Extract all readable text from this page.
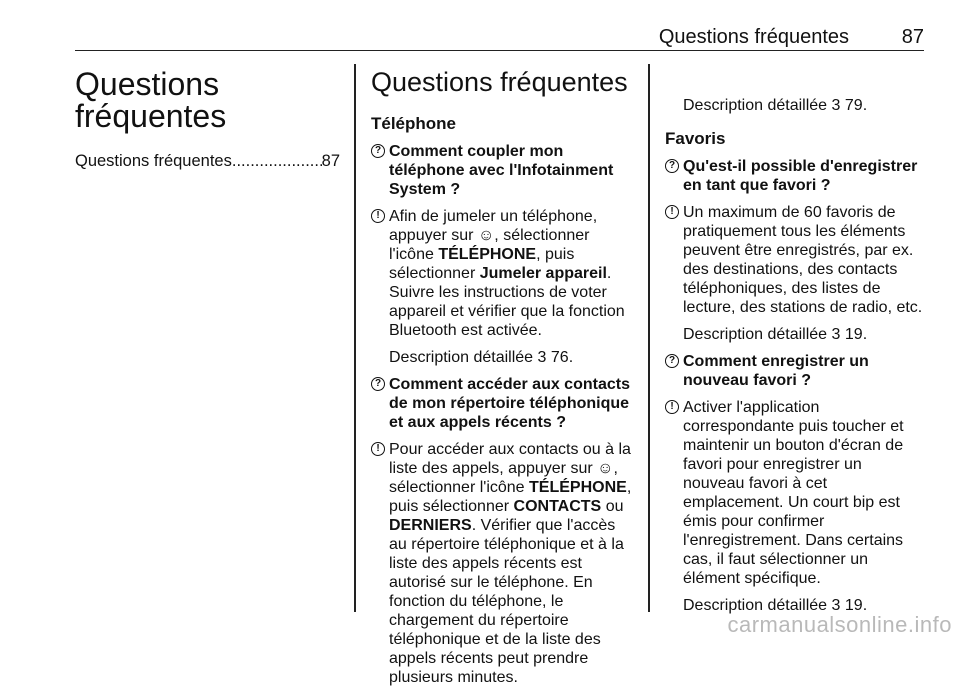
Questions fréquentes	87
Questions
fréquentes
Questions fréquentes
.....	87
Questions fréquentes
Téléphone
? Comment coupler mon téléphone avec l'Infotainment System ?
! Afin de jumeler un téléphone, appuyer sur ☺, sélectionner l'icône TÉLÉPHONE, puis sélectionner Jumeler appareil. Suivre les instructions de voter appareil et vérifier que la fonction Bluetooth est activée.
Description détaillée 3 76.
? Comment accéder aux contacts de mon répertoire téléphonique et aux appels récents ?
! Pour accéder aux contacts ou à la liste des appels, appuyer sur ☺, sélectionner l'icône TÉLÉPHONE, puis sélectionner CONTACTS ou DERNIERS. Vérifier que l'accès au répertoire téléphonique et à la liste des appels récents est autorisé sur le téléphone. En fonction du téléphone, le chargement du répertoire téléphonique et de la liste des appels récents peut prendre plusieurs minutes.
Description détaillée 3 79.
Favoris
? Qu'est-il possible d'enregistrer en tant que favori ?
! Un maximum de 60 favoris de pratiquement tous les éléments peuvent être enregistrés, par ex. des destinations, des contacts téléphoniques, des listes de lecture, des stations de radio, etc.
Description détaillée 3 19.
? Comment enregistrer un nouveau favori ?
! Activer l'application correspondante puis toucher et maintenir un bouton d'écran de favori pour enregistrer un nouveau favori à cet emplacement. Un court bip est émis pour confirmer l'enregistrement. Dans certains cas, il faut sélectionner un élément spécifique.
Description détaillée 3 19.
carmanualsonline.info
